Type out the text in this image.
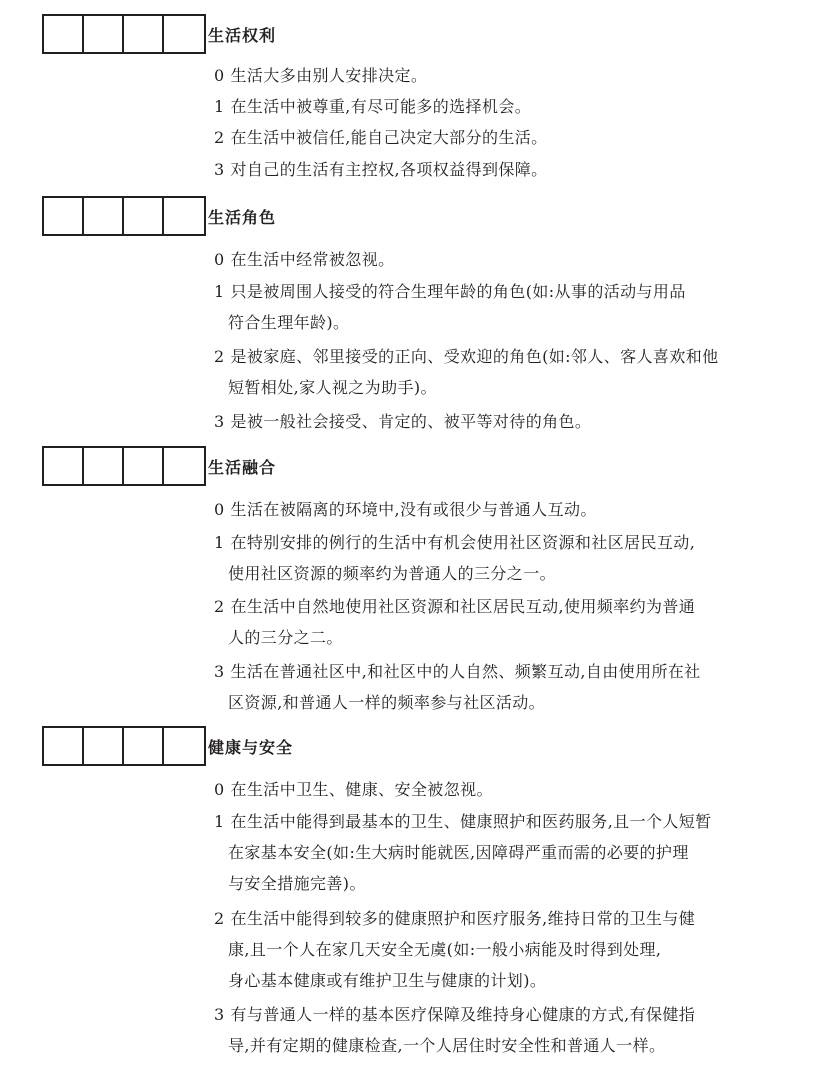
生活权利
0 生活大多由别人安排决定。
1 在生活中被尊重,有尽可能多的选择机会。
2 在生活中被信任,能自己决定大部分的生活。
3 对自己的生活有主控权,各项权益得到保障。
生活角色
0 在生活中经常被忽视。
1 只是被周围人接受的符合生理年龄的角色(如:从事的活动与用品
符合生理年龄)。
2 是被家庭、邻里接受的正向、受欢迎的角色(如:邻人、客人喜欢和他
短暂相处,家人视之为助手)。
3 是被一般社会接受、肯定的、被平等对待的角色。
生活融合
0 生活在被隔离的环境中,没有或很少与普通人互动。
1 在特别安排的例行的生活中有机会使用社区资源和社区居民互动,
使用社区资源的频率约为普通人的三分之一。
2 在生活中自然地使用社区资源和社区居民互动,使用频率约为普通
人的三分之二。
3 生活在普通社区中,和社区中的人自然、频繁互动,自由使用所在社
区资源,和普通人一样的频率参与社区活动。
健康与安全
0 在生活中卫生、健康、安全被忽视。
1 在生活中能得到最基本的卫生、健康照护和医药服务,且一个人短暂
在家基本安全(如:生大病时能就医,因障碍严重而需的必要的护理
与安全措施完善)。
2 在生活中能得到较多的健康照护和医疗服务,维持日常的卫生与健
康,且一个人在家几天安全无虞(如:一般小病能及时得到处理,
身心基本健康或有维护卫生与健康的计划)。
3 有与普通人一样的基本医疗保障及维持身心健康的方式,有保健指
导,并有定期的健康检查,一个人居住时安全性和普通人一样。
